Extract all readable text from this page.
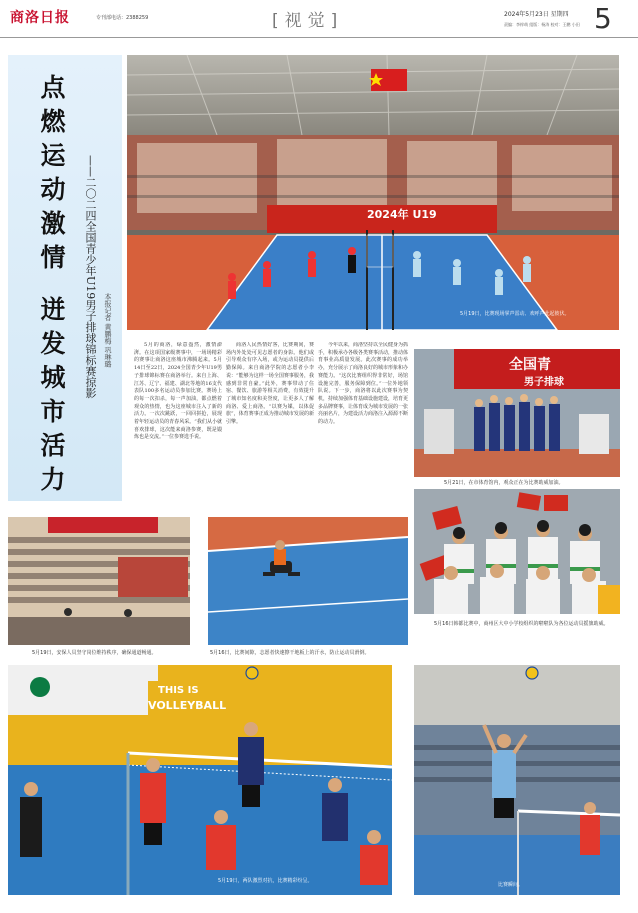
商洛日报	专刊部电话：2388259	[视觉]	2024年5月23日 星期四
责编：李梓萌 组版：杨涛 校对：王鹏 小田 5
点
燃
运
动
激
情
迸
发
城
市
活
力
——二〇二四全国青少年U19男子排球锦标赛掠影	本报记者 黄鹏梅 巩琳璐
2024年 U19
5月19日，比赛现场掌声雷动、欢呼声此起彼伏。
5月的商洛，绿意盎然，激情澎湃。在这项国家级赛事中，一场场精彩的赛事让商洛这座城市沸腾起来。5月14日至22日，2024全国青少年U19男子排球锦标赛在商洛举行。来自上海、江苏、辽宁、福建、湖北等地的16支代表队100多名运动员参加比赛。赛场上的每一次扣杀，每一声加油，都点燃着观众的热情，也为这座城市注入了新的活力。一次次跳跃，一回回拼抢，展现着年轻运动员的青春风采。“我们从小就喜欢排球，这次能来商洛参赛，既是锻炼也是交流。”一位参赛选手说。
商洛人民热情好客，比赛期间，赛场内外处处可见志愿者的身影。他们或引导观众有序入场，或为运动员提供后勤保障。来自商洛学院的志愿者小李说：“能够为这样一场全国赛事服务，我感到非常自豪。”此外，赛事带动了住宿、餐饮、旅游等相关消费，有效提升了城市知名度和美誉度，让更多人了解商洛、爱上商洛。“以赛为媒，以体促旅”，体育赛事正成为推动城市发展的新引擎。
今年以来，商洛坚持以全民健身为抓手，积极承办各级各类赛事活动，推动体育事业高质量发展。此次赛事的成功举办，充分展示了商洛良好的城市形象和办赛能力。“这次比赛组织得非常好，场馆设施完善，服务保障到位。”一位外地领队说。下一步，商洛将以此次赛事为契机，持续加强体育基础设施建设，培育更多品牌赛事，让体育成为城市发展的一张亮丽名片，为建设活力商洛注入源源不断的动力。
全国青
男子排球
5月21日，在市体育馆内，观众正在为比赛助威加油。
5月19日，安保人员坚守岗位维持秩序，确保通道畅通。	5月16日，比赛间隙，志愿者快速擦干地板上的汗水，防止运动员滑倒。
5月16日韩都比赛中，商州区大中小学校组织的啦啦队为各位运动员摇旗助威。
THIS IS
VOLLEYBALL
5月19日，两队激烈对抗，比赛精彩纷呈。
比赛瞬间。
